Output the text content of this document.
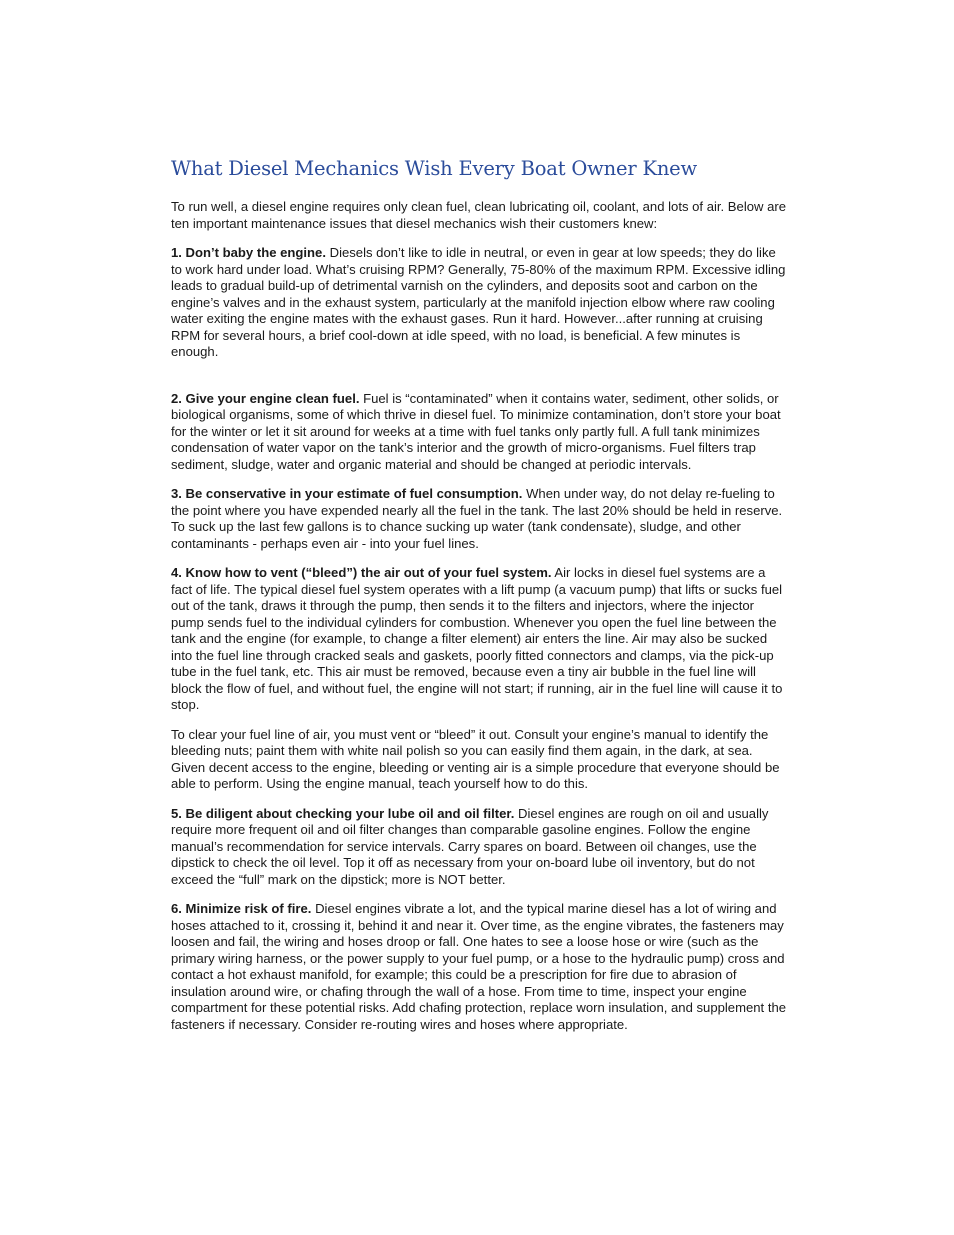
What Diesel Mechanics Wish Every Boat Owner Knew

To run well, a diesel engine requires only clean fuel, clean lubricating oil, coolant, and lots of air. Below are ten important maintenance issues that diesel mechanics wish their customers knew:

1. Don’t baby the engine. Diesels don’t like to idle in neutral, or even in gear at low speeds; they do like to work hard under load. What’s cruising RPM? Generally, 75-80% of the maximum RPM. Excessive idling leads to gradual build-up of detrimental varnish on the cylinders, and deposits soot and carbon on the engine’s valves and in the exhaust system, particularly at the manifold injection elbow where raw cooling water exiting the engine mates with the exhaust gases. Run it hard. However...after running at cruising RPM for several hours, a brief cool-down at idle speed, with no load, is beneficial. A few minutes is enough.

2. Give your engine clean fuel. Fuel is “contaminated” when it contains water, sediment, other solids, or biological organisms, some of which thrive in diesel fuel. To minimize contamination, don’t store your boat for the winter or let it sit around for weeks at a time with fuel tanks only partly full. A full tank minimizes condensation of water vapor on the tank’s interior and the growth of micro-organisms. Fuel filters trap sediment, sludge, water and organic material and should be changed at periodic intervals.

3. Be conservative in your estimate of fuel consumption. When under way, do not delay re-fueling to the point where you have expended nearly all the fuel in the tank. The last 20% should be held in reserve. To suck up the last few gallons is to chance sucking up water (tank condensate), sludge, and other contaminants - perhaps even air - into your fuel lines.

4. Know how to vent (“bleed”) the air out of your fuel system. Air locks in diesel fuel systems are a fact of life. The typical diesel fuel system operates with a lift pump (a vacuum pump) that lifts or sucks fuel out of the tank, draws it through the pump, then sends it to the filters and injectors, where the injector pump sends fuel to the individual cylinders for combustion. Whenever you open the fuel line between the tank and the engine (for example, to change a filter element) air enters the line. Air may also be sucked into the fuel line through cracked seals and gaskets, poorly fitted connectors and clamps, via the pick-up tube in the fuel tank, etc. This air must be removed, because even a tiny air bubble in the fuel line will block the flow of fuel, and without fuel, the engine will not start; if running, air in the fuel line will cause it to stop.

To clear your fuel line of air, you must vent or “bleed” it out. Consult your engine’s manual to identify the bleeding nuts; paint them with white nail polish so you can easily find them again, in the dark, at sea. Given decent access to the engine, bleeding or venting air is a simple procedure that everyone should be able to perform. Using the engine manual, teach yourself how to do this.

5. Be diligent about checking your lube oil and oil filter. Diesel engines are rough on oil and usually require more frequent oil and oil filter changes than comparable gasoline engines. Follow the engine manual’s recommendation for service intervals. Carry spares on board. Between oil changes, use the dipstick to check the oil level. Top it off as necessary from your on-board lube oil inventory, but do not exceed the “full” mark on the dipstick; more is NOT better.

6. Minimize risk of fire. Diesel engines vibrate a lot, and the typical marine diesel has a lot of wiring and hoses attached to it, crossing it, behind it and near it. Over time, as the engine vibrates, the fasteners may loosen and fail, the wiring and hoses droop or fall. One hates to see a loose hose or wire (such as the primary wiring harness, or the power supply to your fuel pump, or a hose to the hydraulic pump) cross and contact a hot exhaust manifold, for example; this could be a prescription for fire due to abrasion of insulation around wire, or chafing through the wall of a hose. From time to time, inspect your engine compartment for these potential risks. Add chafing protection, replace worn insulation, and supplement the fasteners if necessary. Consider re-routing wires and hoses where appropriate.
